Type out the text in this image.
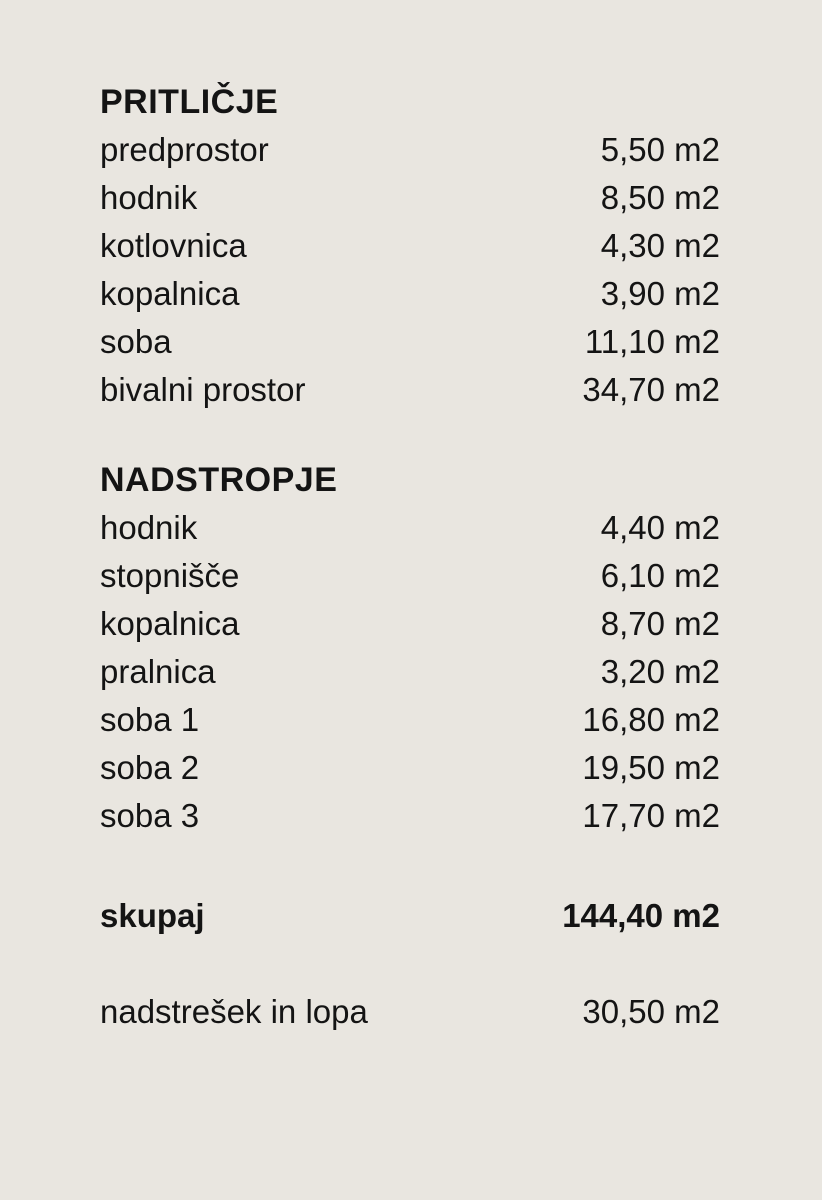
PRITLIČJE
predprostor	5,50 m2
hodnik	8,50 m2
kotlovnica	4,30 m2
kopalnica	3,90 m2
soba	11,10 m2
bivalni prostor	34,70 m2
NADSTROPJE
hodnik	4,40 m2
stopnišče	6,10 m2
kopalnica	8,70 m2
pralnica	3,20 m2
soba 1	16,80 m2
soba 2	19,50 m2
soba 3	17,70 m2
skupaj	144,40 m2
nadstrešek in lopa	30,50 m2
